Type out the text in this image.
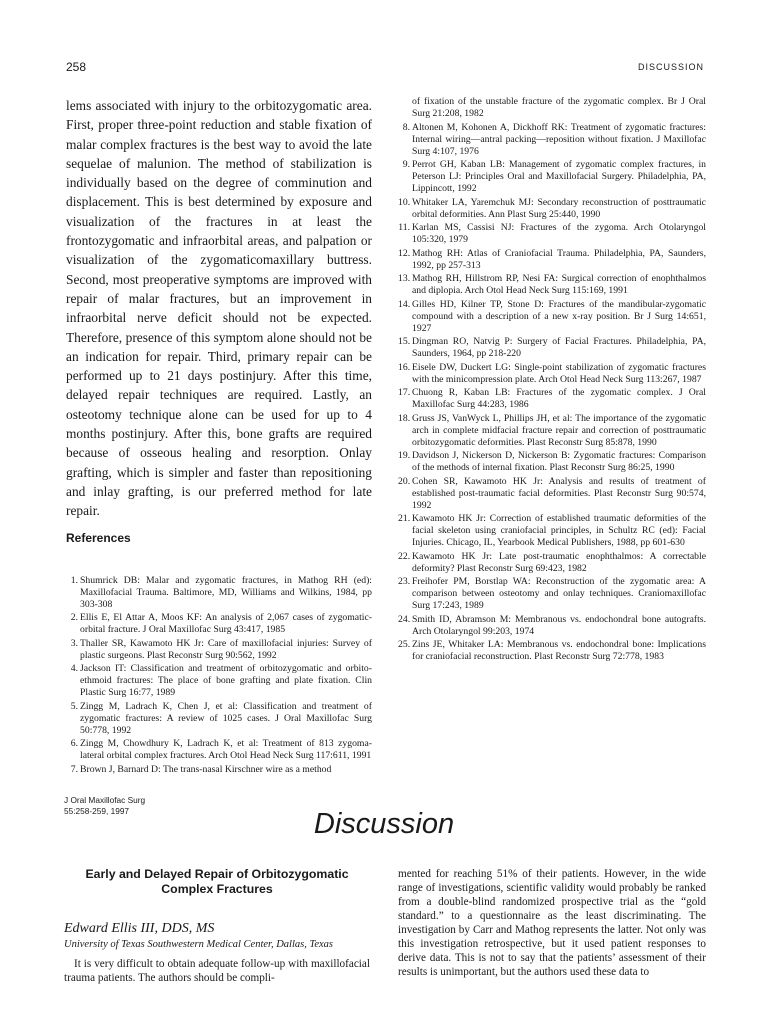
258	DISCUSSION

lems associated with injury to the orbitozygomatic area. First, proper three-point reduction and stable fixation of malar complex fractures is the best way to avoid the late sequelae of malunion. The method of stabilization is individually based on the degree of comminution and displacement. This is best determined by exposure and visualization of the fractures in at least the frontozygomatic and infraorbital areas, and palpation or visualization of the zygomaticomaxillary buttress. Second, most preoperative symptoms are improved with repair of malar fractures, but an improvement in infraorbital nerve deficit should not be expected. Therefore, presence of this symptom alone should not be an indication for repair. Third, primary repair can be performed up to 21 days postinjury. After this time, delayed repair techniques are required. Lastly, an osteotomy technique alone can be used for up to 4 months postinjury. After this, bone grafts are required because of osseous healing and resorption. Onlay grafting, which is simpler and faster than repositioning and inlay grafting, is our preferred method for late repair.

References
1. Shumrick DB: Malar and zygomatic fractures, in Mathog RH (ed): Maxillofacial Trauma. Baltimore, MD, Williams and Wilkins, 1984, pp 303-308
2. Ellis E, El Attar A, Moos KF: An analysis of 2,067 cases of zygomatic-orbital fracture. J Oral Maxillofac Surg 43:417, 1985
3. Thaller SR, Kawamoto HK Jr: Care of maxillofacial injuries: Survey of plastic surgeons. Plast Reconstr Surg 90:562, 1992
4. Jackson IT: Classification and treatment of orbitozygomatic and orbito-ethmoid fractures: The place of bone grafting and plate fixation. Clin Plastic Surg 16:77, 1989
5. Zingg M, Ladrach K, Chen J, et al: Classification and treatment of zygomatic fractures: A review of 1025 cases. J Oral Maxillofac Surg 50:778, 1992
6. Zingg M, Chowdhury K, Ladrach K, et al: Treatment of 813 zygoma-lateral orbital complex fractures. Arch Otol Head Neck Surg 117:611, 1991
7. Brown J, Barnard D: The trans-nasal Kirschner wire as a method
of fixation of the unstable fracture of the zygomatic complex. Br J Oral Surg 21:208, 1982
8. Altonen M, Kohonen A, Dickhoff RK: Treatment of zygomatic fractures: Internal wiring—antral packing—reposition without fixation. J Maxillofac Surg 4:107, 1976
9. Perrot GH, Kaban LB: Management of zygomatic complex fractures, in Peterson LJ: Principles Oral and Maxillofacial Surgery. Philadelphia, PA, Lippincott, 1992
10. Whitaker LA, Yaremchuk MJ: Secondary reconstruction of posttraumatic orbital deformities. Ann Plast Surg 25:440, 1990
11. Karlan MS, Cassisi NJ: Fractures of the zygoma. Arch Otolaryngol 105:320, 1979
12. Mathog RH: Atlas of Craniofacial Trauma. Philadelphia, PA, Saunders, 1992, pp 257-313
13. Mathog RH, Hillstrom RP, Nesi FA: Surgical correction of enophthalmos and diplopia. Arch Otol Head Neck Surg 115:169, 1991
14. Gilles HD, Kilner TP, Stone D: Fractures of the mandibular-zygomatic compound with a description of a new x-ray position. Br J Surg 14:651, 1927
15. Dingman RO, Natvig P: Surgery of Facial Fractures. Philadelphia, PA, Saunders, 1964, pp 218-220
16. Eisele DW, Duckert LG: Single-point stabilization of zygomatic fractures with the minicompression plate. Arch Otol Head Neck Surg 113:267, 1987
17. Chuong R, Kaban LB: Fractures of the zygomatic complex. J Oral Maxillofac Surg 44:283, 1986
18. Gruss JS, VanWyck L, Phillips JH, et al: The importance of the zygomatic arch in complete midfacial fracture repair and correction of posttraumatic orbitozygomatic deformities. Plast Reconstr Surg 85:878, 1990
19. Davidson J, Nickerson D, Nickerson B: Zygomatic fractures: Comparison of the methods of internal fixation. Plast Reconstr Surg 86:25, 1990
20. Cohen SR, Kawamoto HK Jr: Analysis and results of treatment of established post-traumatic facial deformities. Plast Reconstr Surg 90:574, 1992
21. Kawamoto HK Jr: Correction of established traumatic deformities of the facial skeleton using craniofacial principles, in Schultz RC (ed): Facial Injuries. Chicago, IL, Yearbook Medical Publishers, 1988, pp 601-630
22. Kawamoto HK Jr: Late post-traumatic enophthalmos: A correctable deformity? Plast Reconstr Surg 69:423, 1982
23. Freihofer PM, Borstlap WA: Reconstruction of the zygomatic area: A comparison between osteotomy and onlay techniques. Craniomaxillofac Surg 17:243, 1989
24. Smith ID, Abramson M: Membranous vs. endochondral bone autografts. Arch Otolaryngol 99:203, 1974
25. Zins JE, Whitaker LA: Membranous vs. endochondral bone: Implications for craniofacial reconstruction. Plast Reconstr Surg 72:778, 1983
J Oral Maxillofac Surg
55:258-259, 1997	Discussion
Early and Delayed Repair of Orbitozygomatic Complex Fractures
Edward Ellis III, DDS, MS
University of Texas Southwestern Medical Center, Dallas, Texas

It is very difficult to obtain adequate follow-up with maxillofacial trauma patients. The authors should be compli-

mented for reaching 51% of their patients. However, in the wide range of investigations, scientific validity would probably be ranked from a double-blind randomized prospective trial as the “gold standard.” to a questionnaire as the least discriminating. The investigation by Carr and Mathog represents the latter. Not only was this investigation retrospective, but it used patient responses to derive data. This is not to say that the patients’ assessment of their results is unimportant, but the authors used these data to
